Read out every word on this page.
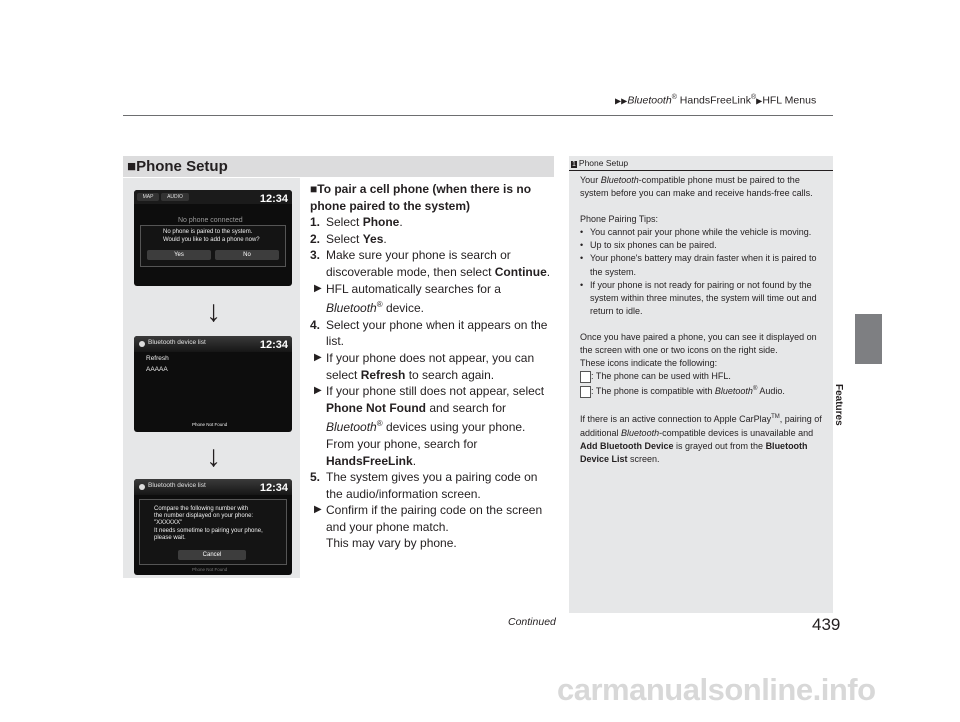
▶▶Bluetooth® HandsFreeLink®▶HFL Menus
Features
■Phone Setup
MAP	AUDIO	12:34
No phone connected
No phone is paired to the system.
Would you like to add a phone now?
Yes	No
↓
Bluetooth device list	12:34
Refresh
AAAAA
Phone Not Found
↓
Bluetooth device list	12:34
Compare the following number with
the number displayed on your phone:
"XXXXXX"
It needs sometime to pairing your phone,
please wait.
Cancel
Phone Not Found

■To pair a cell phone (when there is no phone paired to the system)

1. Select Phone.

2. Select Yes.

3. Make sure your phone is search or discoverable mode, then select Continue.

▶ HFL automatically searches for a Bluetooth® device.

4. Select your phone when it appears on the list.

▶ If your phone does not appear, you can select Refresh to search again.

▶ If your phone still does not appear, select Phone Not Found and search for Bluetooth® devices using your phone. From your phone, search for HandsFreeLink.

5. The system gives you a pairing code on the audio/information screen.

▶ Confirm if the pairing code on the screen and your phone match.
This may vary by phone.

1 Phone Setup

Your Bluetooth-compatible phone must be paired to the system before you can make and receive hands-free calls.

Phone Pairing Tips:
• You cannot pair your phone while the vehicle is moving.
• Up to six phones can be paired.
• Your phone's battery may drain faster when it is paired to the system.
• If your phone is not ready for pairing or not found by the system within three minutes, the system will time out and return to idle.
Once you have paired a phone, you can see it displayed on the screen with one or two icons on the right side.
These icons indicate the following:
: The phone can be used with HFL.
: The phone is compatible with Bluetooth® Audio.

If there is an active connection to Apple CarPlay™, pairing of additional Bluetooth-compatible devices is unavailable and Add Bluetooth Device is grayed out from the Bluetooth Device List screen.

Continued	439
carmanualsonline.info
